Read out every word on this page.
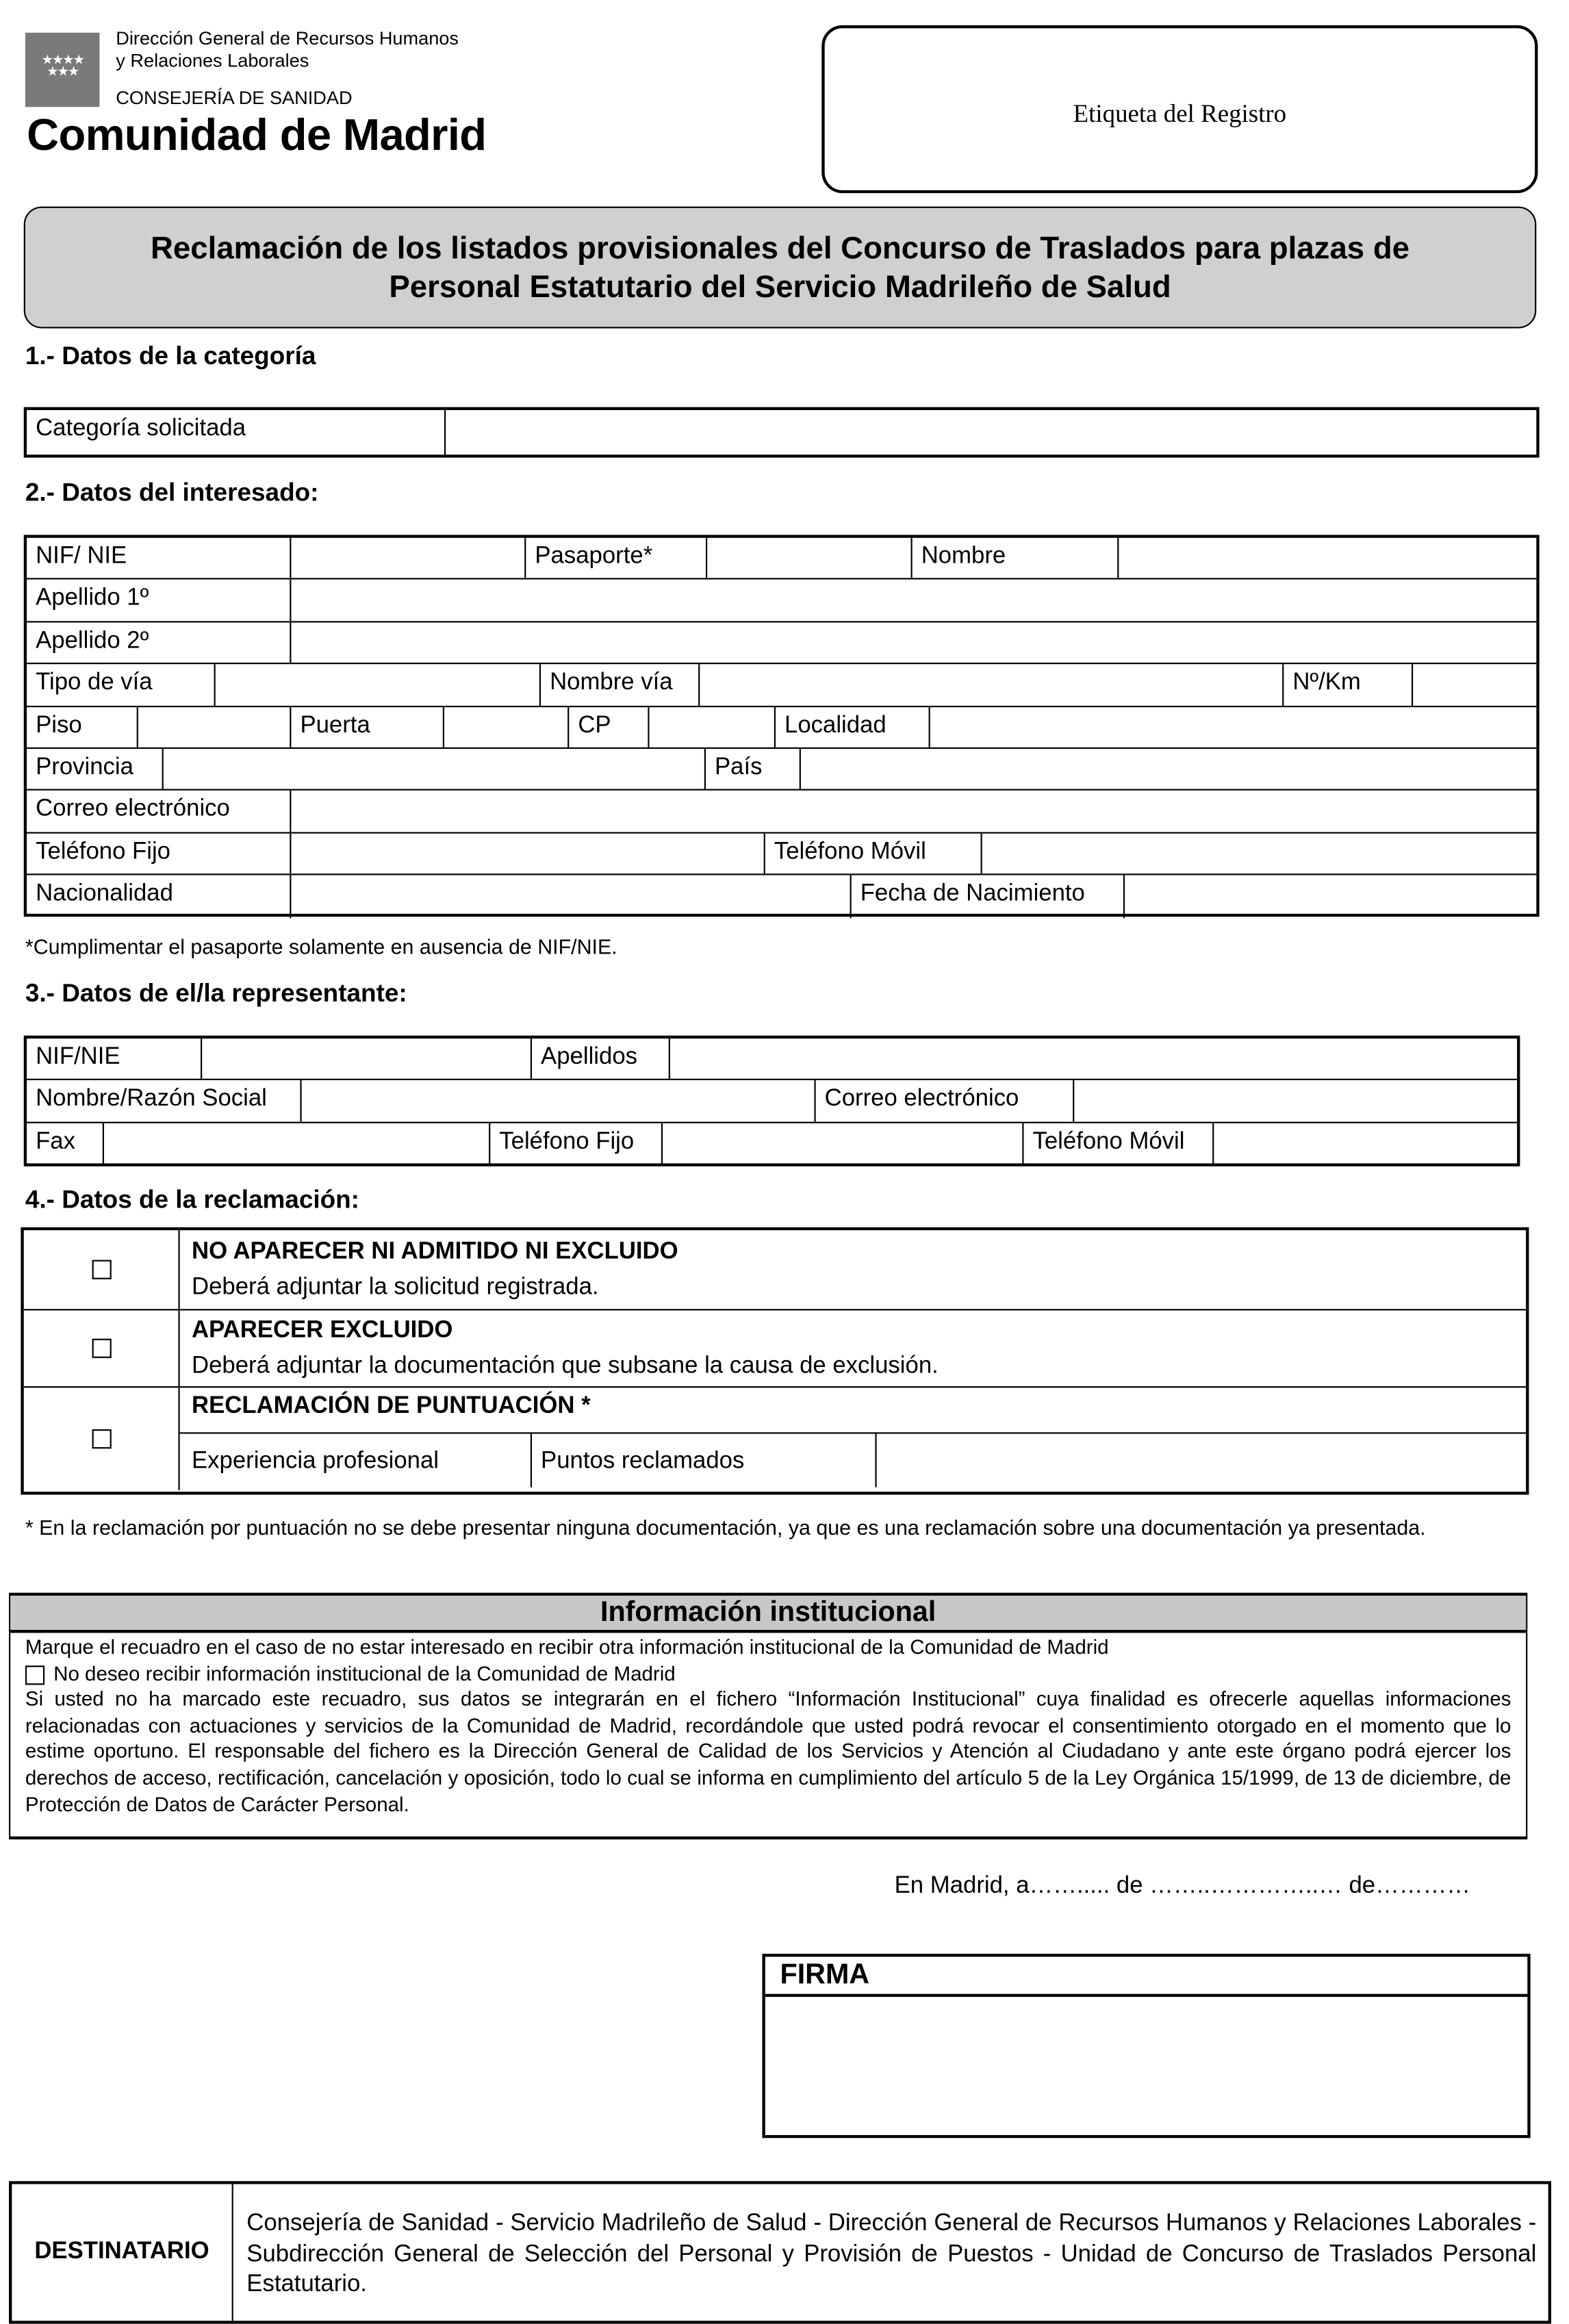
★★★★ ★★★
Dirección General de Recursos Humanos
y Relaciones Laborales
CONSEJERÍA DE SANIDAD
Comunidad de Madrid	Etiqueta del Registro
Reclamación de los listados provisionales del Concurso de Traslados para plazas de
Personal Estatutario del Servicio Madrileño de Salud
1.- Datos de la categoría
Categoría solicitada
2.- Datos del interesado:
NIF/ NIE	Pasaporte*	Nombre
Apellido 1º
Apellido 2º
Tipo de vía	Nombre vía	Nº/Km
Piso	Puerta	CP	Localidad
Provincia	País
Correo electrónico
Teléfono Fijo	Teléfono Móvil
Nacionalidad	Fecha de Nacimiento
*Cumplimentar el pasaporte solamente en ausencia de NIF/NIE.
3.- Datos de el/la representante:
NIF/NIE	Apellidos
Nombre/Razón Social	Correo electrónico
Fax	Teléfono Fijo	Teléfono Móvil
4.- Datos de la reclamación:
NO APARECER NI ADMITIDO NI EXCLUIDO
Deberá adjuntar la solicitud registrada.
APARECER EXCLUIDO
Deberá adjuntar la documentación que subsane la causa de exclusión.
RECLAMACIÓN DE PUNTUACIÓN *
Experiencia profesional	Puntos reclamados
* En la reclamación por puntuación no se debe presentar ninguna documentación, ya que es una reclamación sobre una documentación ya presentada.
Información institucional
Marque el recuadro en el caso de no estar interesado en recibir otra información institucional de la Comunidad de Madrid
No deseo recibir información institucional de la Comunidad de Madrid
Si usted no ha marcado este recuadro, sus datos se integrarán en el fichero “Información Institucional” cuya finalidad es ofrecerle aquellas informaciones relacionadas con actuaciones y servicios de la Comunidad de Madrid, recordándole que usted podrá revocar el consentimiento otorgado en el momento que lo estime oportuno. El responsable del fichero es la Dirección General de Calidad de los Servicios y Atención al Ciudadano y ante este órgano podrá ejercer los derechos de acceso, rectificación, cancelación y oposición, todo lo cual se informa en cumplimiento del artículo 5 de la Ley Orgánica 15/1999, de 13 de diciembre, de Protección de Datos de Carácter Personal.
En Madrid, a……..... de ……..…………..… de…………
FIRMA
DESTINATARIO
Consejería de Sanidad - Servicio Madrileño de Salud - Dirección General de Recursos Humanos y Relaciones Laborales - Subdirección General de Selección del Personal y Provisión de Puestos - Unidad de Concurso de Traslados Personal Estatutario.
